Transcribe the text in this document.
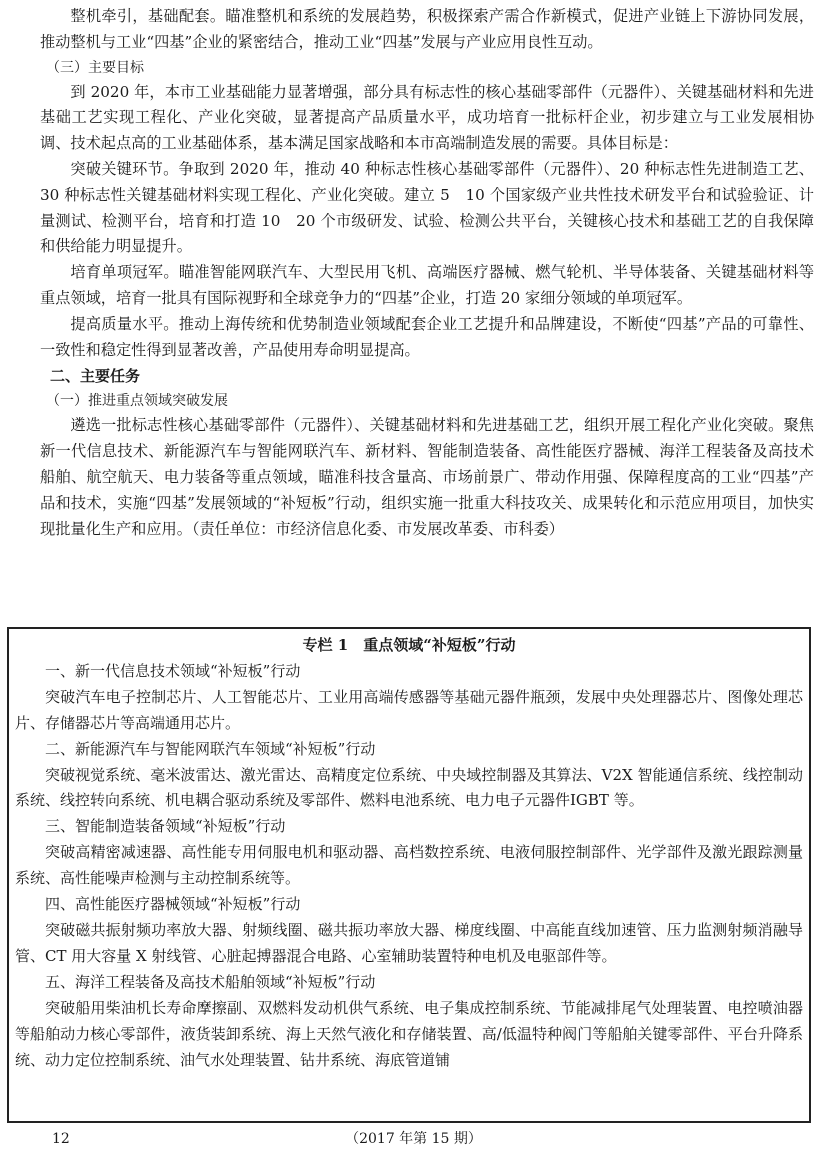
整机牵引，基础配套。瞄准整机和系统的发展趋势，积极探索产需合作新模式，促进产业链上下游协同发展，推动整机与工业“四基”企业的紧密结合，推动工业“四基”发展与产业应用良性互动。

（三）主要目标

到 2020 年，本市工业基础能力显著增强，部分具有标志性的核心基础零部件（元器件）、关键基础材料和先进基础工艺实现工程化、产业化突破，显著提高产品质量水平，成功培育一批标杆企业，初步建立与工业发展相协调、技术起点高的工业基础体系，基本满足国家战略和本市高端制造发展的需要。具体目标是：

突破关键环节。争取到 2020 年，推动 40 种标志性核心基础零部件（元器件）、20 种标志性先进制造工艺、30 种标志性关键基础材料实现工程化、产业化突破。建立 5　10 个国家级产业共性技术研发平台和试验验证、计量测试、检测平台，培育和打造 10　20 个市级研发、试验、检测公共平台，关键核心技术和基础工艺的自我保障和供给能力明显提升。

培育单项冠军。瞄准智能网联汽车、大型民用飞机、高端医疗器械、燃气轮机、半导体装备、关键基础材料等重点领域，培育一批具有国际视野和全球竞争力的“四基”企业，打造 20 家细分领域的单项冠军。

提高质量水平。推动上海传统和优势制造业领域配套企业工艺提升和品牌建设，不断使“四基”产品的可靠性、一致性和稳定性得到显著改善，产品使用寿命明显提高。

二、主要任务

（一）推进重点领域突破发展

遴选一批标志性核心基础零部件（元器件）、关键基础材料和先进基础工艺，组织开展工程化产业化突破。聚焦新一代信息技术、新能源汽车与智能网联汽车、新材料、智能制造装备、高性能医疗器械、海洋工程装备及高技术船舶、航空航天、电力装备等重点领域，瞄准科技含量高、市场前景广、带动作用强、保障程度高的工业“四基”产品和技术，实施“四基”发展领域的“补短板”行动，组织实施一批重大科技攻关、成果转化和示范应用项目，加快实现批量化生产和应用。（责任单位：市经济信息化委、市发展改革委、市科委）

专栏 1　重点领域“补短板”行动

一、新一代信息技术领域“补短板”行动

突破汽车电子控制芯片、人工智能芯片、工业用高端传感器等基础元器件瓶颈，发展中央处理器芯片、图像处理芯片、存储器芯片等高端通用芯片。

二、新能源汽车与智能网联汽车领域“补短板”行动

突破视觉系统、毫米波雷达、激光雷达、高精度定位系统、中央域控制器及其算法、V2X 智能通信系统、线控制动系统、线控转向系统、机电耦合驱动系统及零部件、燃料电池系统、电力电子元器件IGBT 等。

三、智能制造装备领域“补短板”行动

突破高精密减速器、高性能专用伺服电机和驱动器、高档数控系统、电液伺服控制部件、光学部件及激光跟踪测量系统、高性能噪声检测与主动控制系统等。

四、高性能医疗器械领域“补短板”行动

突破磁共振射频功率放大器、射频线圈、磁共振功率放大器、梯度线圈、中高能直线加速管、压力监测射频消融导管、CT 用大容量 X 射线管、心脏起搏器混合电路、心室辅助装置特种电机及电驱部件等。

五、海洋工程装备及高技术船舶领域“补短板”行动

突破船用柴油机长寿命摩擦副、双燃料发动机供气系统、电子集成控制系统、节能减排尾气处理装置、电控喷油器等船舶动力核心零部件，液货装卸系统、海上天然气液化和存储装置、高/低温特种阀门等船舶关键零部件、平台升降系统、动力定位控制系统、油气水处理装置、钻井系统、海底管道铺

12	（2017 年第 15 期）
